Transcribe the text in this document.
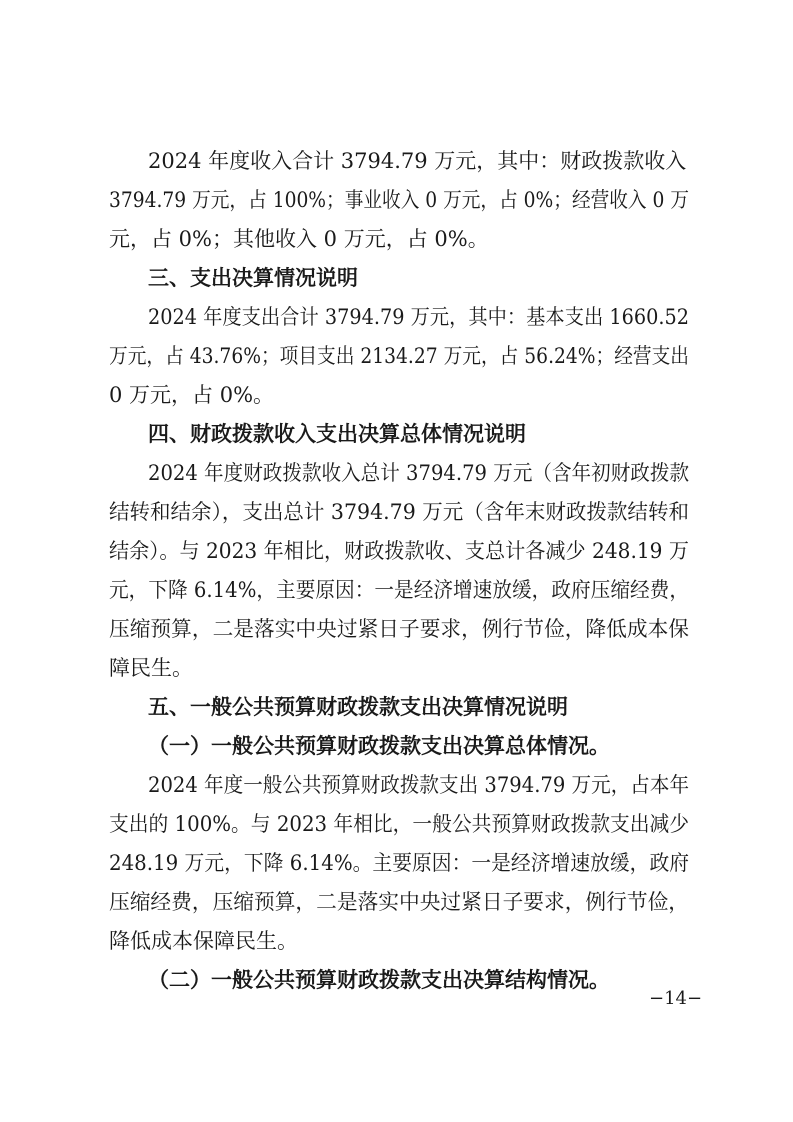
2024 年度收入合计 3794.79 万元，其中：财政拨款收入
3794.79 万元，占 100%；事业收入 0 万元，占 0%；经营收入 0 万
元，占 0%；其他收入 0 万元，占 0%。
三、支出决算情况说明
2024 年度支出合计 3794.79 万元，其中：基本支出 1660.52
万元，占 43.76%；项目支出 2134.27 万元，占 56.24%；经营支出
0 万元，占 0%。
四、财政拨款收入支出决算总体情况说明
2024 年度财政拨款收入总计 3794.79 万元（含年初财政拨款
结转和结余），支出总计 3794.79 万元（含年末财政拨款结转和
结余）。与 2023 年相比，财政拨款收、支总计各减少 248.19 万
元，下降 6.14%，主要原因：一是经济增速放缓，政府压缩经费，
压缩预算，二是落实中央过紧日子要求，例行节俭，降低成本保
障民生。
五、一般公共预算财政拨款支出决算情况说明
（一）一般公共预算财政拨款支出决算总体情况。
2024 年度一般公共预算财政拨款支出 3794.79 万元，占本年
支出的 100%。与 2023 年相比，一般公共预算财政拨款支出减少
248.19 万元，下降 6.14%。主要原因：一是经济增速放缓，政府
压缩经费，压缩预算，二是落实中央过紧日子要求，例行节俭，
降低成本保障民生。
（二）一般公共预算财政拨款支出决算结构情况。
−14−
